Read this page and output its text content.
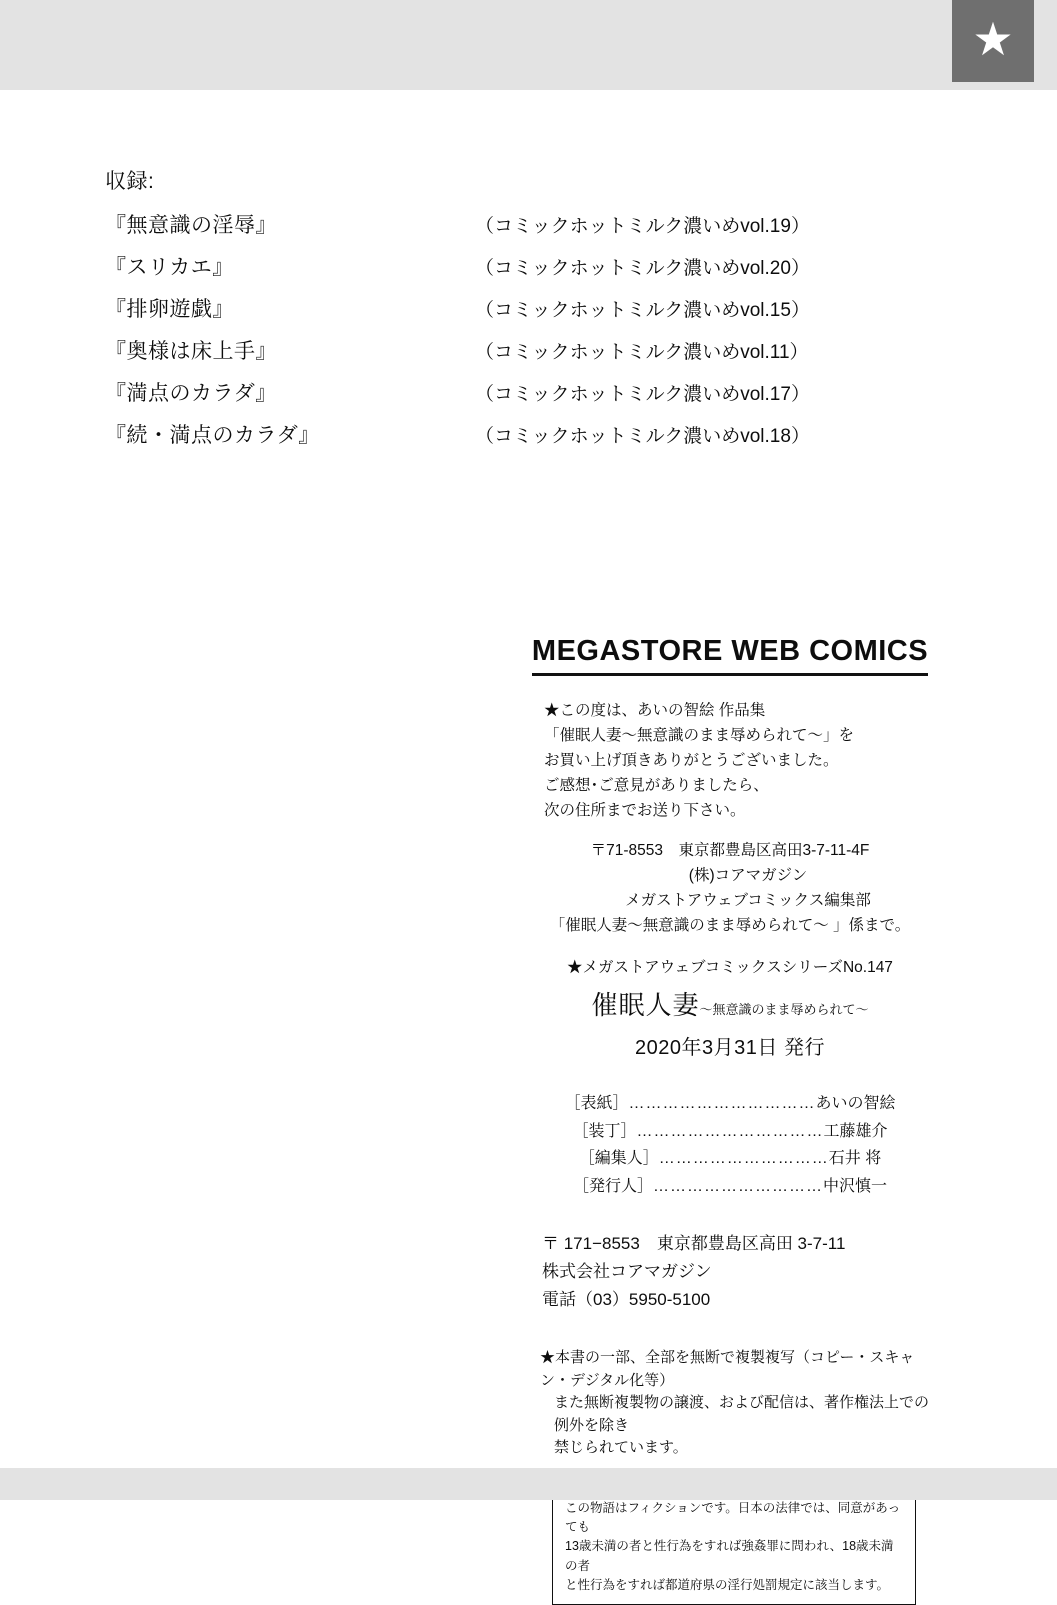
★
収録:
『無意識の淫辱』	（コミックホットミルク濃いめvol.19）
『スリカエ』	（コミックホットミルク濃いめvol.20）
『排卵遊戯』	（コミックホットミルク濃いめvol.15）
『奥様は床上手』	（コミックホットミルク濃いめvol.11）
『満点のカラダ』	（コミックホットミルク濃いめvol.17）
『続・満点のカラダ』	（コミックホットミルク濃いめvol.18）
MEGASTORE WEB COMICS
★この度は、あいの智絵 作品集
「催眠人妻〜無意識のまま辱められて〜」を
お買い上げ頂きありがとうございました。
ご感想･ご意見がありましたら、
次の住所までお送り下さい。
〒71-8553　東京都豊島区高田3-7-11-4F
(株)コアマガジン
メガストアウェブコミックス編集部
「催眠人妻〜無意識のまま辱められて〜 」係まで。
★メガストアウェブコミックスシリーズNo.147
催眠人妻〜無意識のまま辱められて〜
2020年3月31日 発行
［表紙］ …………………………… あいの智絵
［装丁］ …………………………… 工藤雄介
［編集人］ ………………………… 石井 将
［発行人］ ………………………… 中沢慎一
〒 171−8553　東京都豊島区高田 3-7-11
株式会社コアマガジン
電話（03）5950-5100
★本書の一部、全部を無断で複製複写（コピー・スキャン・デジタル化等）
また無断複製物の譲渡、および配信は、著作権法上での例外を除き
禁じられています。
この物語はフィクションです。日本の法律では、同意があっても
13歳未満の者と性行為をすれば強姦罪に問われ、18歳未満の者
と性行為をすれば都道府県の淫行処罰規定に該当します。
